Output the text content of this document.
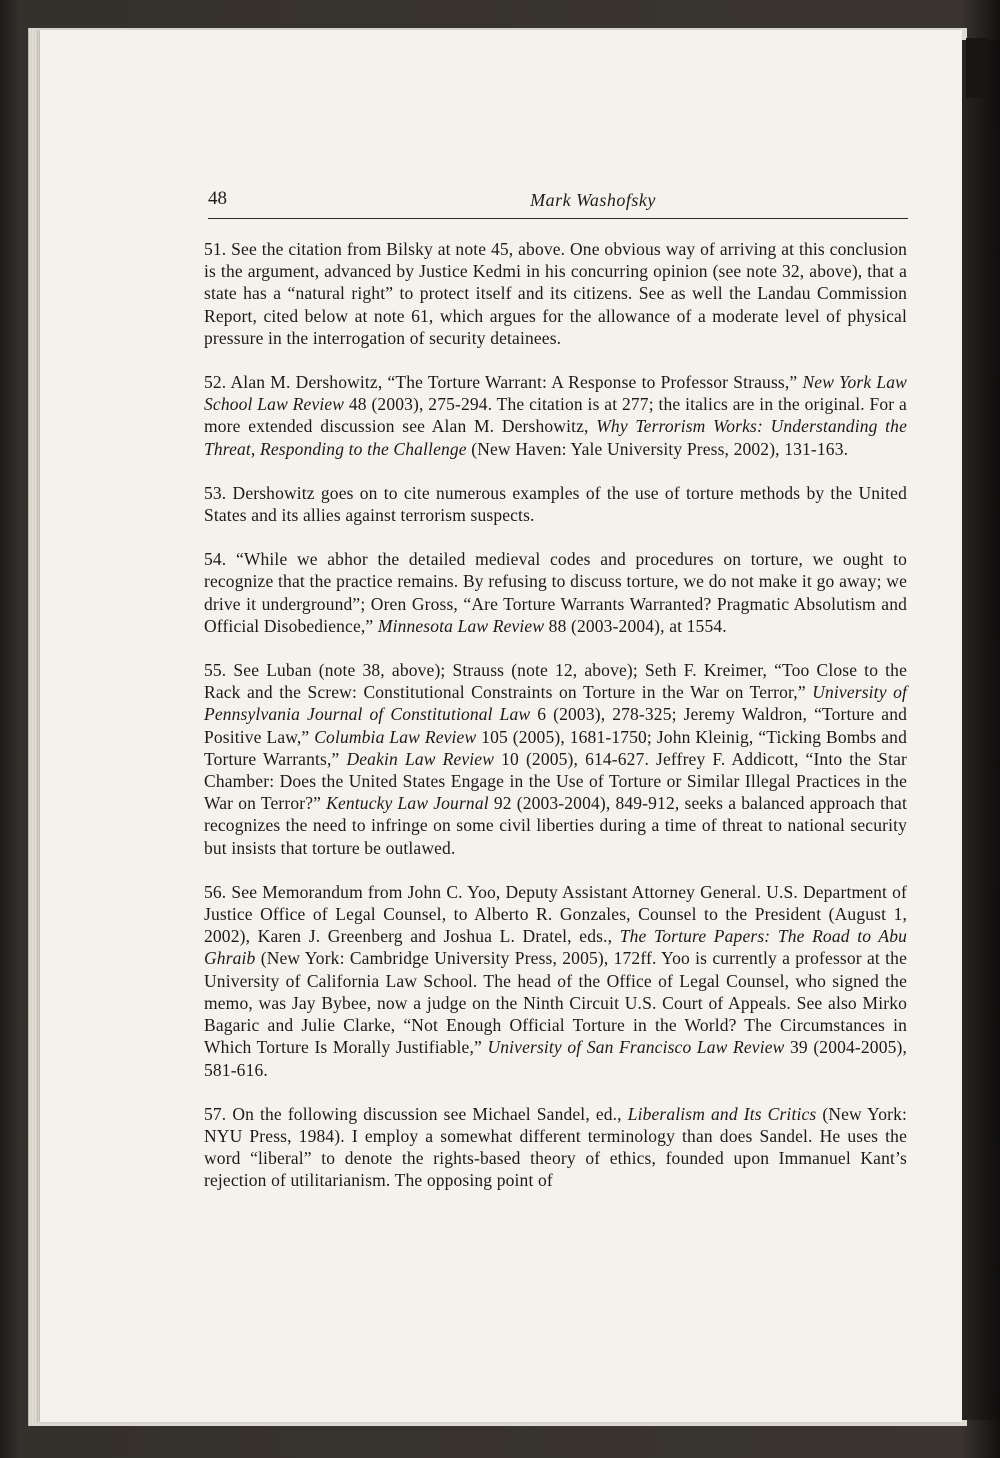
48	Mark Washofsky

51. See the citation from Bilsky at note 45, above. One obvious way of arriving at this conclusion is the argument, advanced by Justice Kedmi in his concurring opinion (see note 32, above), that a state has a “natural right” to protect itself and its citizens. See as well the Landau Commission Report, cited below at note 61, which argues for the allowance of a moderate level of physical pressure in the interrogation of security detainees.

52. Alan M. Dershowitz, “The Torture Warrant: A Response to Professor Strauss,” New York Law School Law Review 48 (2003), 275-294. The citation is at 277; the italics are in the original. For a more extended discussion see Alan M. Dershowitz, Why Terrorism Works: Understanding the Threat, Responding to the Challenge (New Haven: Yale University Press, 2002), 131-163.

53. Dershowitz goes on to cite numerous examples of the use of torture methods by the United States and its allies against terrorism suspects.

54. “While we abhor the detailed medieval codes and procedures on torture, we ought to recognize that the practice remains. By refusing to discuss torture, we do not make it go away; we drive it underground”; Oren Gross, “Are Torture Warrants Warranted? Pragmatic Absolutism and Official Disobedience,” Minnesota Law Review 88 (2003-2004), at 1554.

55. See Luban (note 38, above); Strauss (note 12, above); Seth F. Kreimer, “Too Close to the Rack and the Screw: Constitutional Constraints on Torture in the War on Terror,” University of Pennsylvania Journal of Constitutional Law 6 (2003), 278-325; Jeremy Waldron, “Torture and Positive Law,” Columbia Law Review 105 (2005), 1681-1750; John Kleinig, “Ticking Bombs and Torture Warrants,” Deakin Law Review 10 (2005), 614-627. Jeffrey F. Addicott, “Into the Star Chamber: Does the United States Engage in the Use of Torture or Similar Illegal Practices in the War on Terror?” Kentucky Law Journal 92 (2003-2004), 849-912, seeks a balanced approach that recognizes the need to infringe on some civil liberties during a time of threat to national security but insists that torture be outlawed.

56. See Memorandum from John C. Yoo, Deputy Assistant Attorney General. U.S. Department of Justice Office of Legal Counsel, to Alberto R. Gonzales, Counsel to the President (August 1, 2002), Karen J. Greenberg and Joshua L. Dratel, eds., The Torture Papers: The Road to Abu Ghraib (New York: Cambridge University Press, 2005), 172ff. Yoo is currently a professor at the University of California Law School. The head of the Office of Legal Counsel, who signed the memo, was Jay Bybee, now a judge on the Ninth Circuit U.S. Court of Appeals. See also Mirko Bagaric and Julie Clarke, “Not Enough Official Torture in the World? The Circumstances in Which Torture Is Morally Justifiable,” University of San Francisco Law Review 39 (2004-2005), 581-616.

57. On the following discussion see Michael Sandel, ed., Liberalism and Its Critics (New York: NYU Press, 1984). I employ a somewhat different terminology than does Sandel. He uses the word “liberal” to denote the rights-based theory of ethics, founded upon Immanuel Kant’s rejection of utilitarianism. The opposing point of
